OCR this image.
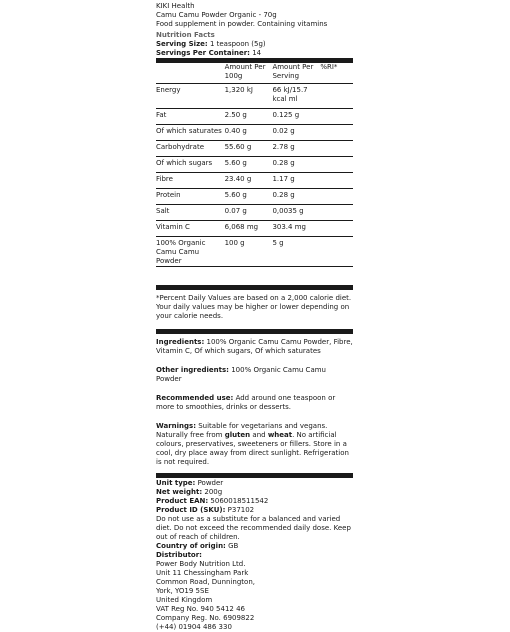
KIKI Health
Camu Camu Powder Organic - 70g
Food supplement in powder. Containing vitamins
Nutrition Facts
Serving Size: 1 teaspoon (5g)
Servings Per Container: 14
	Amount Per 100g	Amount Per Serving	%RI*
Energy	1,320 kJ	66 kJ/15.7 kcal ml	
Fat	2.50 g	0.125 g	
Of which saturates	0.40 g	0.02 g	
Carbohydrate	55.60 g	2.78 g	
Of which sugars	5.60 g	0.28 g	
Fibre	23.40 g	1.17 g	
Protein	5.60 g	0.28 g	
Salt	0.07 g	0,0035 g	
Vitamin C	6,068 mg	303.4 mg	
100% Organic Camu Camu Powder	100 g	5 g	

*Percent Daily Values are based on a 2,000 calorie diet. Your daily values may be higher or lower depending on your calorie needs.

Ingredients: 100% Organic Camu Camu Powder, Fibre, Vitamin C, Of which sugars, Of which saturates

Other ingredients: 100% Organic Camu Camu Powder

Recommended use: Add around one teaspoon or more to smoothies, drinks or desserts.

Warnings: Suitable for vegetarians and vegans. Naturally free from gluten and wheat. No artificial colours, preservatives, sweeteners or fillers. Store in a cool, dry place away from direct sunlight. Refrigeration is not required.

Unit type: Powder
Net weight: 200g
Product EAN: 5060018511542
Product ID (SKU): P37102
Do not use as a substitute for a balanced and varied diet. Do not exceed the recommended daily dose. Keep out of reach of children.
Country of origin: GB
Distributor:
Power Body Nutrition Ltd.
Unit 11 Chessingham Park
Common Road, Dunnington,
York, YO19 5SE
United Kingdom
VAT Reg No. 940 5412 46
Company Reg. No. 6909822
(+44) 01904 486 330
